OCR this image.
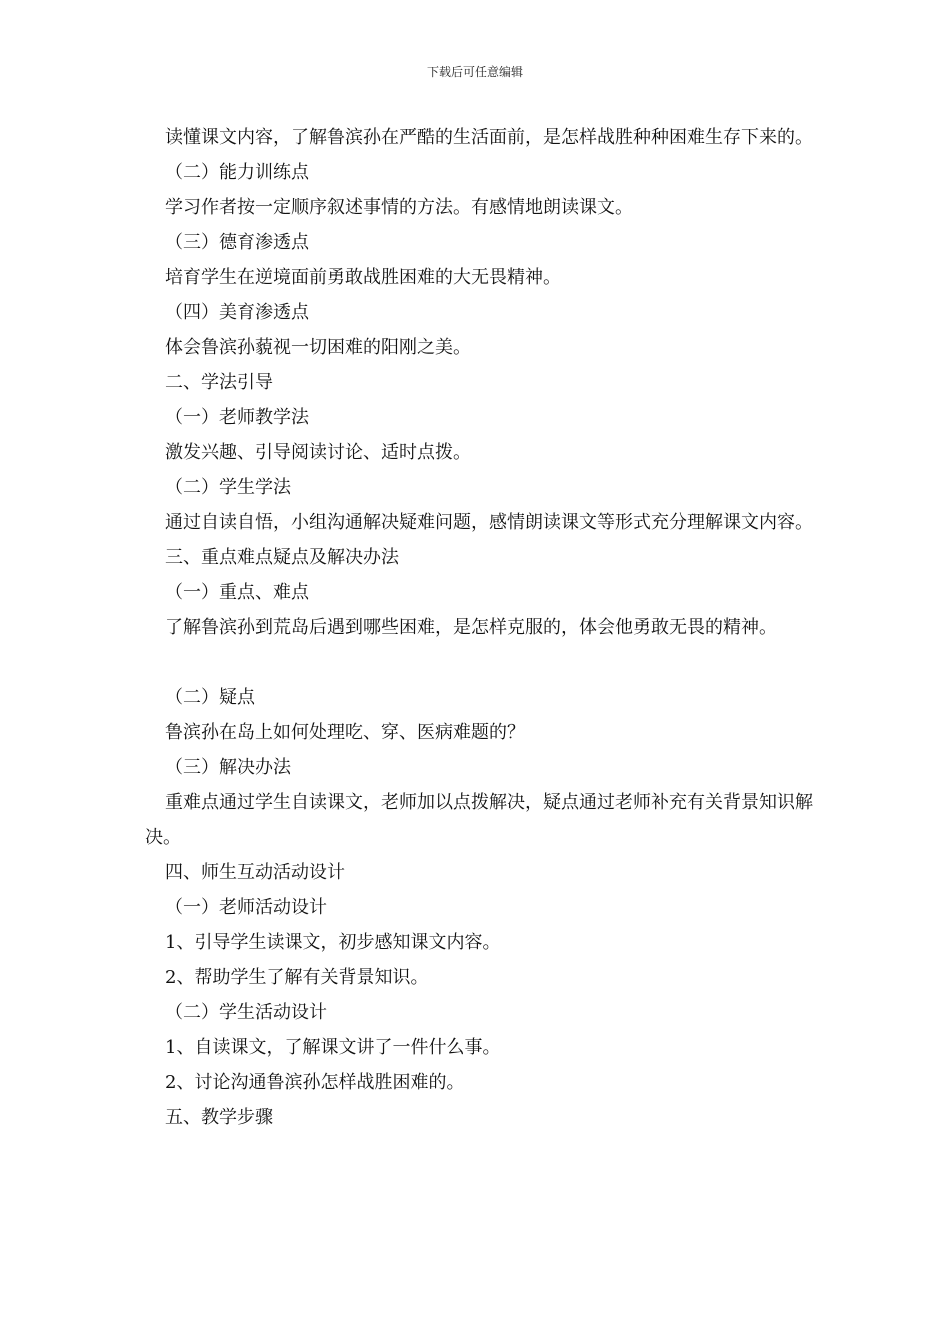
下载后可任意编辑

读懂课文内容，了解鲁滨孙在严酷的生活面前，是怎样战胜种种困难生存下来的。

（二）能力训练点

学习作者按一定顺序叙述事情的方法。有感情地朗读课文。

（三）德育渗透点

培育学生在逆境面前勇敢战胜困难的大无畏精神。

（四）美育渗透点

体会鲁滨孙藐视一切困难的阳刚之美。

二、学法引导

（一）老师教学法

激发兴趣、引导阅读讨论、适时点拨。

（二）学生学法

通过自读自悟，小组沟通解决疑难问题，感情朗读课文等形式充分理解课文内容。

三、重点难点疑点及解决办法

（一）重点、难点

了解鲁滨孙到荒岛后遇到哪些困难，是怎样克服的，体会他勇敢无畏的精神。

（二）疑点

鲁滨孙在岛上如何处理吃、穿、医病难题的？

（三）解决办法

重难点通过学生自读课文，老师加以点拨解决，疑点通过老师补充有关背景知识解决。

四、师生互动活动设计

（一）老师活动设计

1、引导学生读课文，初步感知课文内容。

2、帮助学生了解有关背景知识。

（二）学生活动设计

1、自读课文，了解课文讲了一件什么事。

2、讨论沟通鲁滨孙怎样战胜困难的。

五、教学步骤
